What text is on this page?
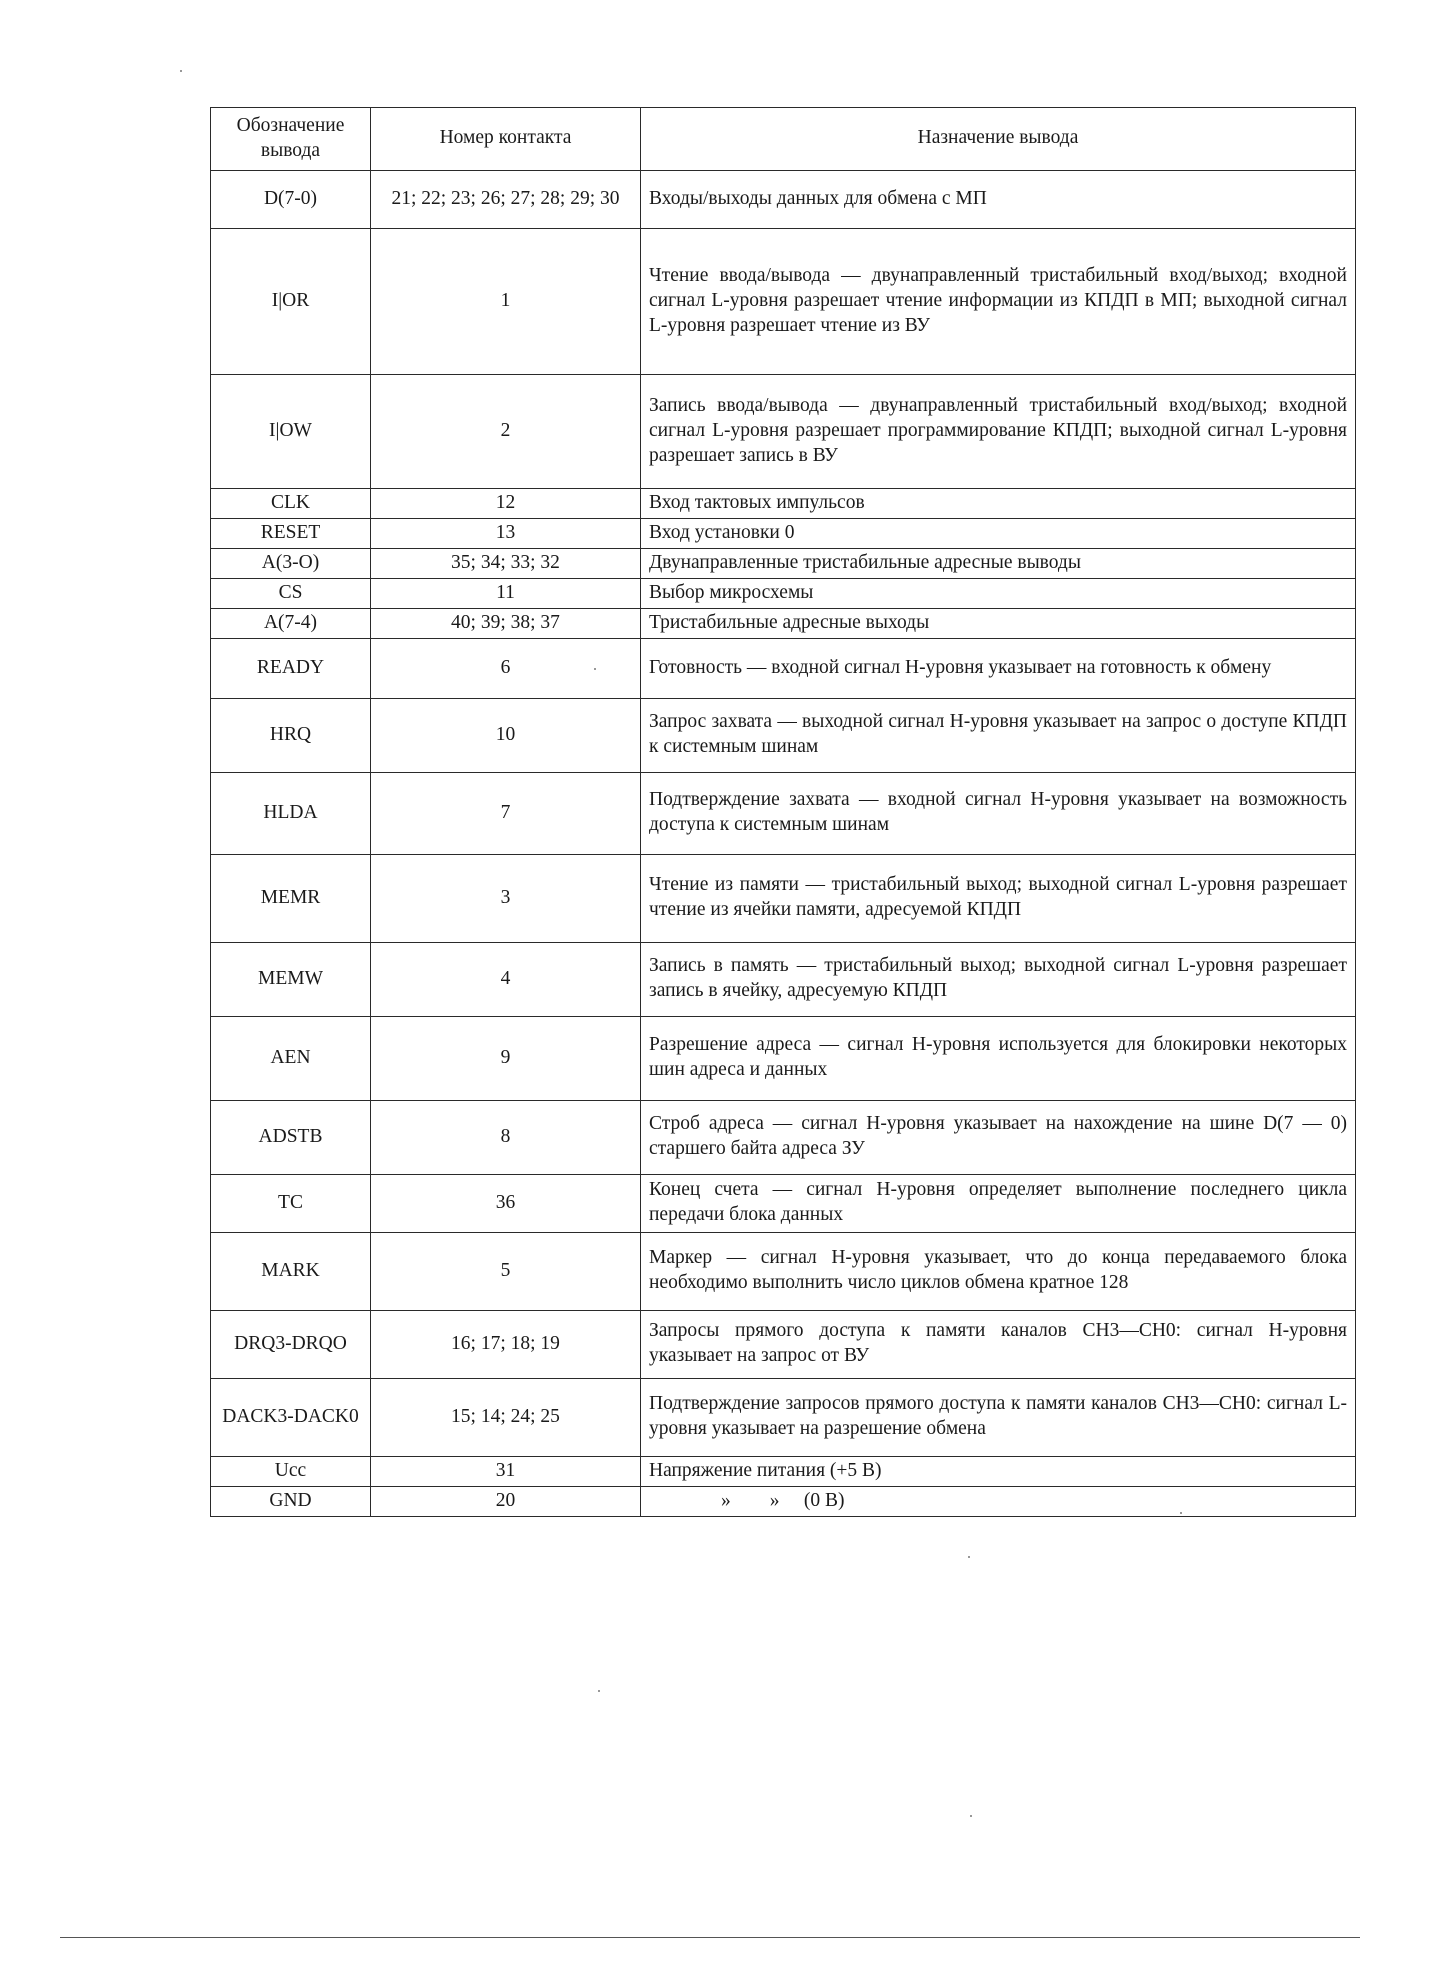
Обозначение вывода	Номер контакта	Назначение вывода
D(7-0)	21; 22; 23; 26; 27; 28; 29; 30	Входы/выходы данных для обмена с МП
I|OR	1	Чтение ввода/вывода — двунаправленный тристабильный вход/выход; входной сигнал L-уровня разрешает чтение информации из КПДП в МП; выходной сигнал L-уровня разрешает чтение из ВУ
I|OW	2	Запись ввода/вывода — двунаправленный тристабильный вход/выход; входной сигнал L-уровня разрешает программирование КПДП; выходной сигнал L-уровня разрешает запись в ВУ
CLK	12	Вход тактовых импульсов
RESET	13	Вход установки 0
A(3-O)	35; 34; 33; 32	Двунаправленные тристабильные адресные выводы
CS	11	Выбор микросхемы
A(7-4)	40; 39; 38; 37	Тристабильные адресные выходы
READY	6	Готовность — входной сигнал Н-уровня указывает на готовность к обмену
HRQ	10	Запрос захвата — выходной сигнал Н-уровня указывает на запрос о доступе КПДП к системным шинам
HLDA	7	Подтверждение захвата — входной сигнал Н-уровня указывает на возможность доступа к системным шинам
MEMR	3	Чтение из памяти — тристабильный выход; выходной сигнал L-уровня разрешает чтение из ячейки памяти, адресуемой КПДП
MEMW	4	Запись в память — тристабильный выход; выходной сигнал L-уровня разрешает запись в ячейку, адресуемую КПДП
AEN	9	Разрешение адреса — сигнал Н-уровня используется для блокировки некоторых шин адреса и данных
ADSTB	8	Строб адреса — сигнал Н-уровня указывает на нахождение на шине D(7 — 0) старшего байта адреса ЗУ
TC	36	Конец счета — сигнал Н-уровня определяет выполнение последнего цикла передачи блока данных
MARK	5	Маркер — сигнал Н-уровня указывает, что до конца передаваемого блока необходимо выполнить число циклов обмена кратное 128
DRQ3-DRQO	16; 17; 18; 19	Запросы прямого доступа к памяти каналов СН3—СН0: сигнал Н-уровня указывает на запрос от ВУ
DACK3-DACK0	15; 14; 24; 25	Подтверждение запросов прямого доступа к памяти каналов СН3—СН0: сигнал L-уровня указывает на разрешение обмена
Ucc	31	Напряжение питания (+5 В)
GND	20	»        »     (0 В)
